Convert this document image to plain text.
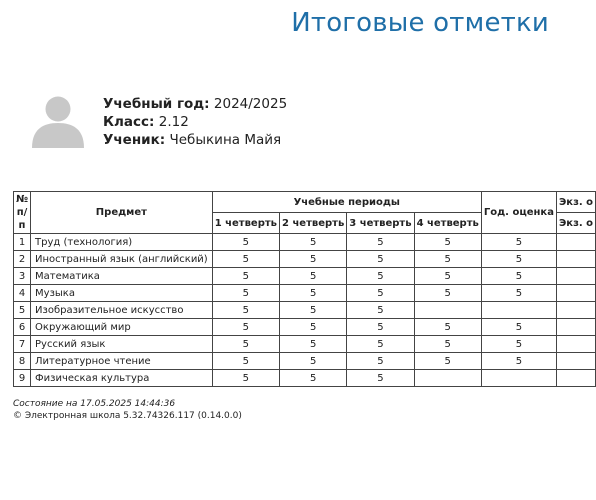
Итоговые отметки
Учебный год: 2024/2025
Класс: 2.12
Ученик: Чебыкина Майя
№ п/п	Предмет	Учебные периоды				Год. оценка	Экз. о
		1 четверть	2 четверть	3 четверть	4 четверть		Экз. о
1	Труд (технология)	5	5	5	5	5	
2	Иностранный язык (английский)	5	5	5	5	5	
3	Математика	5	5	5	5	5	
4	Музыка	5	5	5	5	5	
5	Изобразительное искусство	5	5	5			
6	Окружающий мир	5	5	5	5	5	
7	Русский язык	5	5	5	5	5	
8	Литературное чтение	5	5	5	5	5	
9	Физическая культура	5	5	5			
Состояние на 17.05.2025 14:44:36
© Электронная школа 5.32.74326.117 (0.14.0.0)
